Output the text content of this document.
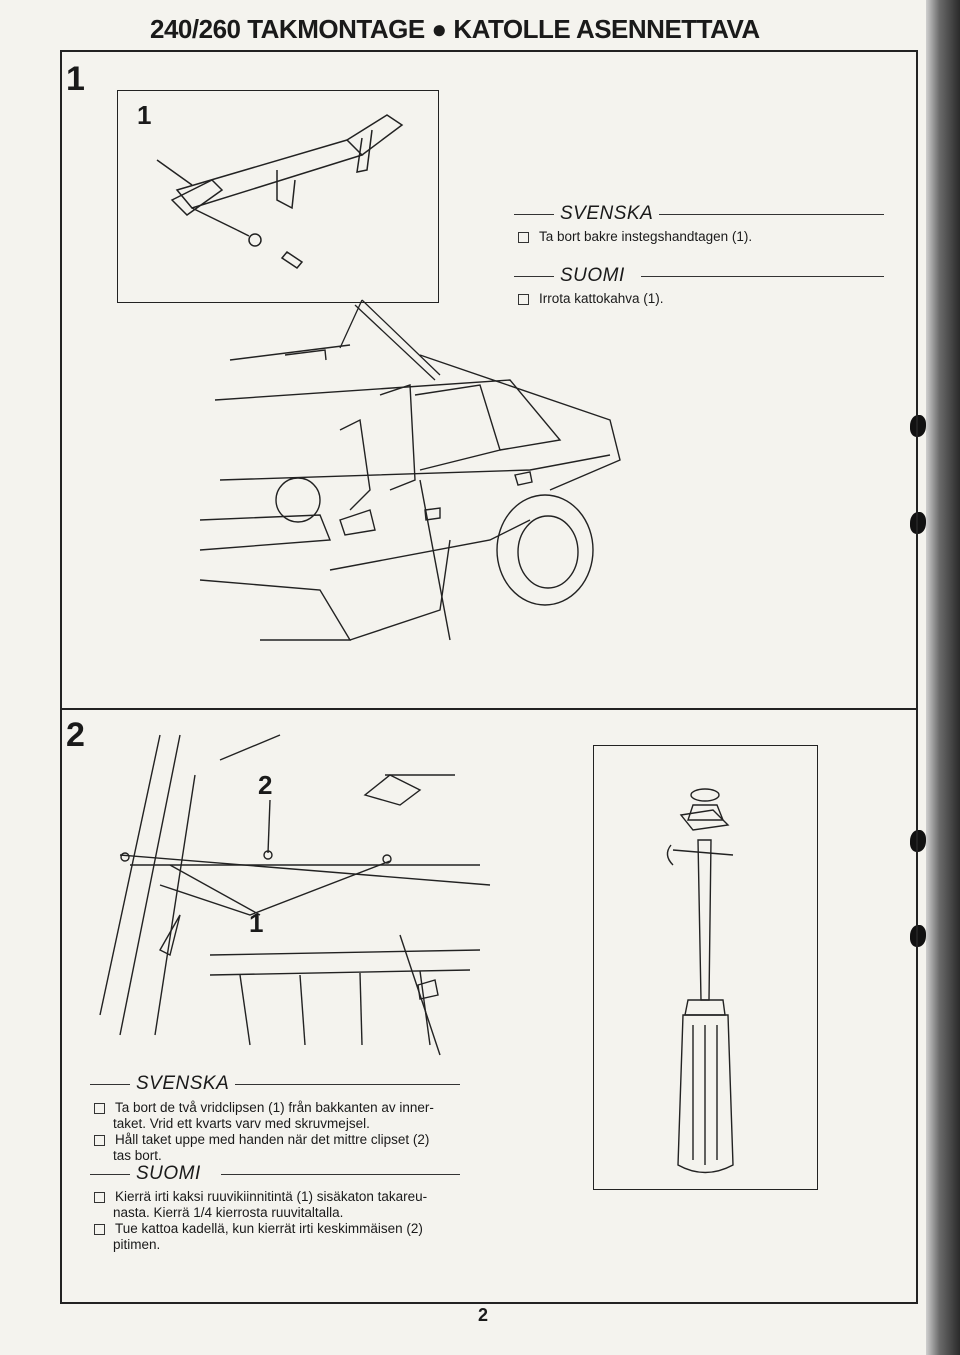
240/260 TAKMONTAGE ● KATOLLE ASENNETTAVA
1
1
SVENSKA
Ta bort bakre instegshandtagen (1).
SUOMI
Irrota kattokahva (1).
2
2
1
SVENSKA
Ta bort de två vridclipsen (1) från bakkanten av inner-
taket. Vrid ett kvarts varv med skruvmejsel.
Håll taket uppe med handen när det mittre clipset (2)
tas bort.
SUOMI
Kierrä irti kaksi ruuvikiinnitintä (1) sisäkaton takareu-
nasta. Kierrä 1/4 kierrosta ruuvitaltalla.
Tue kattoa kadellä, kun kierrät irti keskimmäisen (2)
pitimen.
2
